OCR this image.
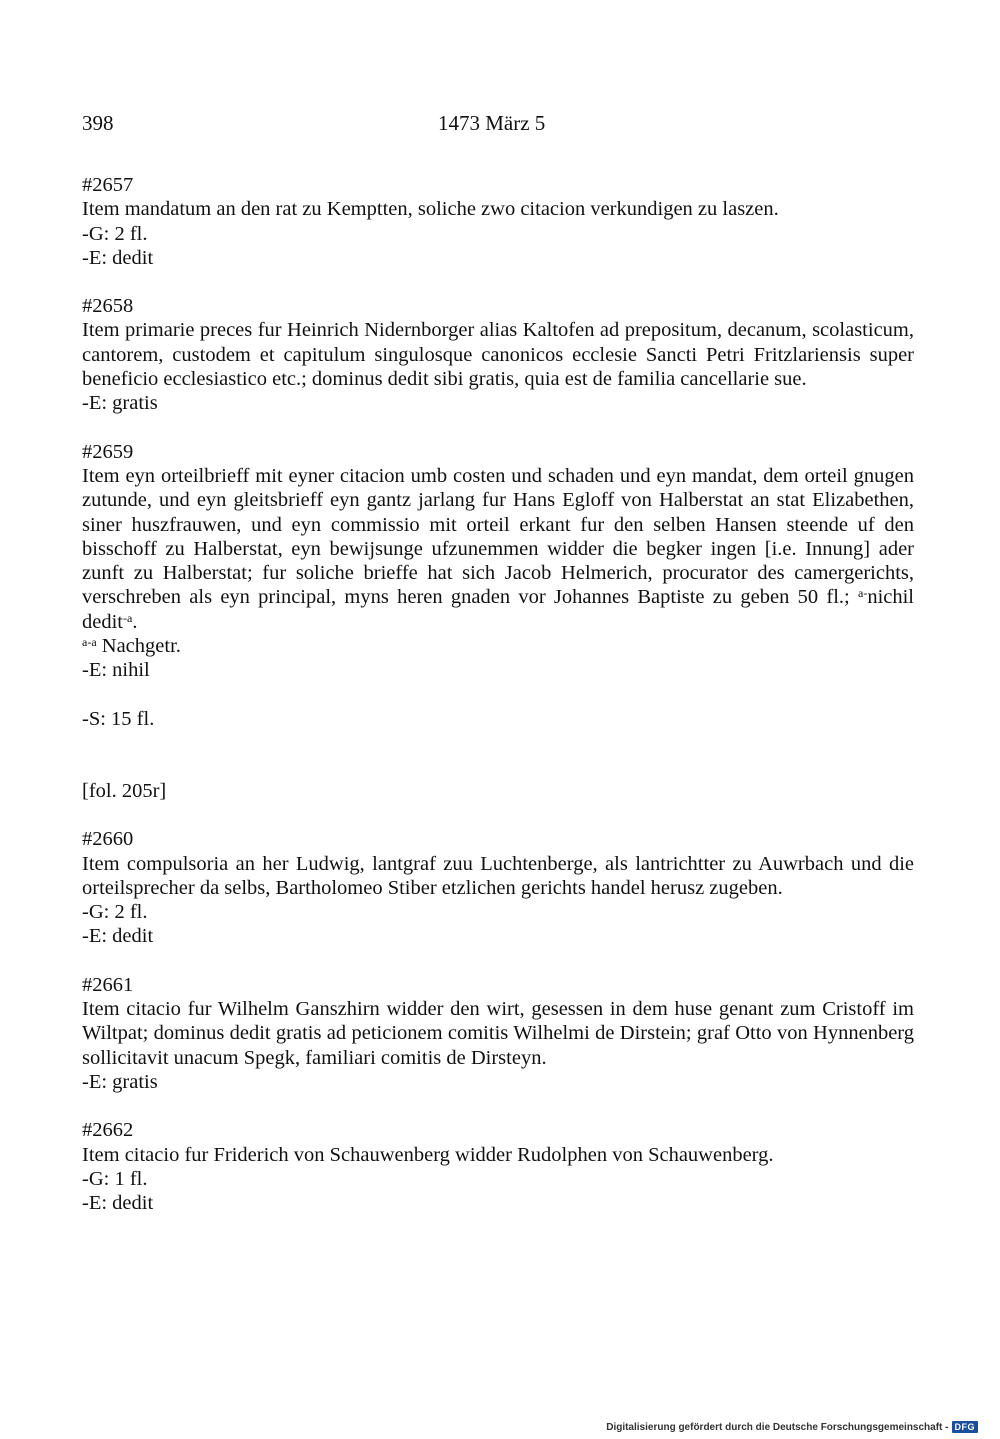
398	1473 März 5
#2657
Item mandatum an den rat zu Kemptten, soliche zwo citacion verkundigen zu laszen.
-G: 2 fl.
-E: dedit
#2658
Item primarie preces fur Heinrich Nidernborger alias Kaltofen ad prepositum, decanum, scolasticum, cantorem, custodem et capitulum singulosque canonicos ecclesie Sancti Petri Fritzlariensis super beneficio ecclesiastico etc.; dominus dedit sibi gratis, quia est de familia cancellarie sue.
-E: gratis
#2659
Item eyn orteilbrieff mit eyner citacion umb costen und schaden und eyn mandat, dem orteil gnugen zutunde, und eyn gleitsbrieff eyn gantz jarlang fur Hans Egloff von Halberstat an stat Elizabethen, siner huszfrauwen, und eyn commissio mit orteil erkant fur den selben Hansen steende uf den bisschoff zu Halberstat, eyn bewijsunge ufzunemmen widder die begker ingen [i.e. Innung] ader zunft zu Halberstat; fur soliche brieffe hat sich Jacob Helmerich, procurator des camergerichts, verschreben als eyn principal, myns heren gnaden vor Johannes Baptiste zu geben 50 fl.; $^{a-}$nichil dedit$^{-a}$.
$^{a-a}$ Nachgetr.
-E: nihil
-S: 15 fl.
[fol. 205r]
#2660
Item compulsoria an her Ludwig, lantgraf zuu Luchtenberge, als lantrichtter zu Auwrbach und die orteilsprecher da selbs, Bartholomeo Stiber etzlichen gerichts handel herusz zugeben.
-G: 2 fl.
-E: dedit
#2661
Item citacio fur Wilhelm Ganszhirn widder den wirt, gesessen in dem huse genant zum Cristoff im Wiltpat; dominus dedit gratis ad peticionem comitis Wilhelmi de Dirstein; graf Otto von Hynnenberg sollicitavit unacum Spegk, familiari comitis de Dirsteyn.
-E: gratis
#2662
Item citacio fur Friderich von Schauwenberg widder Rudolphen von Schauwenberg.
-G: 1 fl.
-E: dedit
Digitalisierung gefördert durch die Deutsche Forschungsgemeinschaft - DFG
